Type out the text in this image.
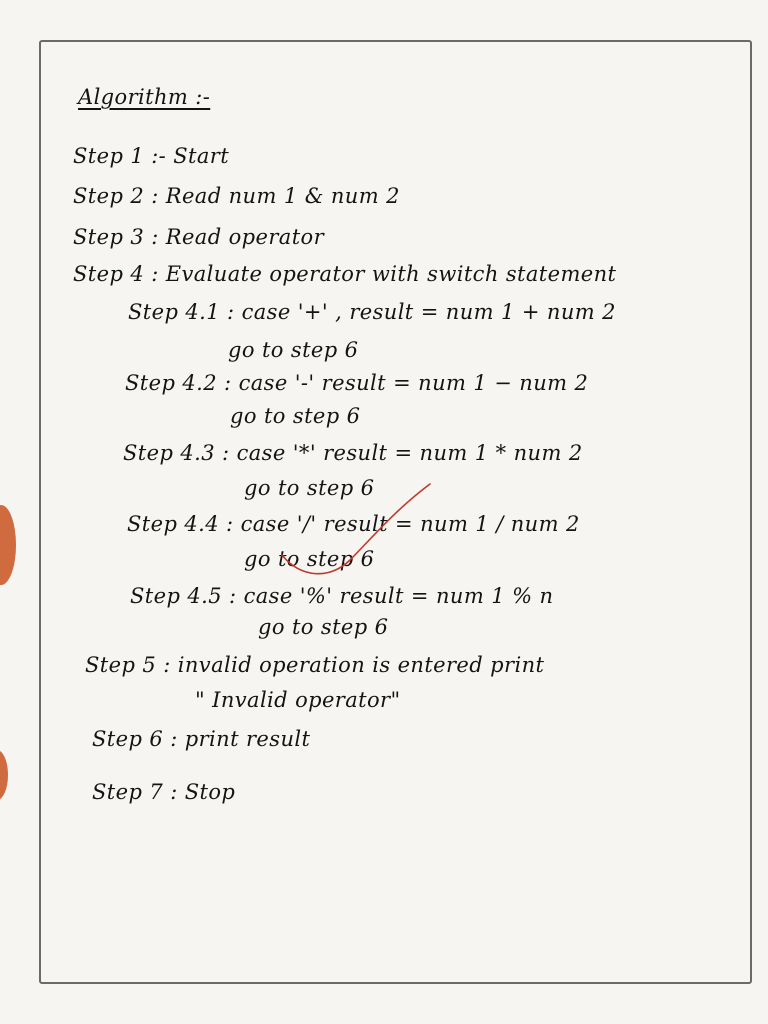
Algorithm :-
Step 1 :- Start
Step 2 : Read num 1 & num 2
Step 3 : Read operator
Step 4 : Evaluate operator with switch statement
Step 4.1 : case '+' , result = num 1 + num 2
go to step 6
Step 4.2 : case '-' result = num 1 − num 2
go to step 6
Step 4.3 : case '*' result = num 1 * num 2
go to step 6
Step 4.4 : case '/' result = num 1 / num 2
go to step 6
Step 4.5 : case '%' result = num 1 % n
go to step 6
Step 5 : invalid operation is entered print
" Invalid operator"
Step 6 : print result
Step 7 : Stop
